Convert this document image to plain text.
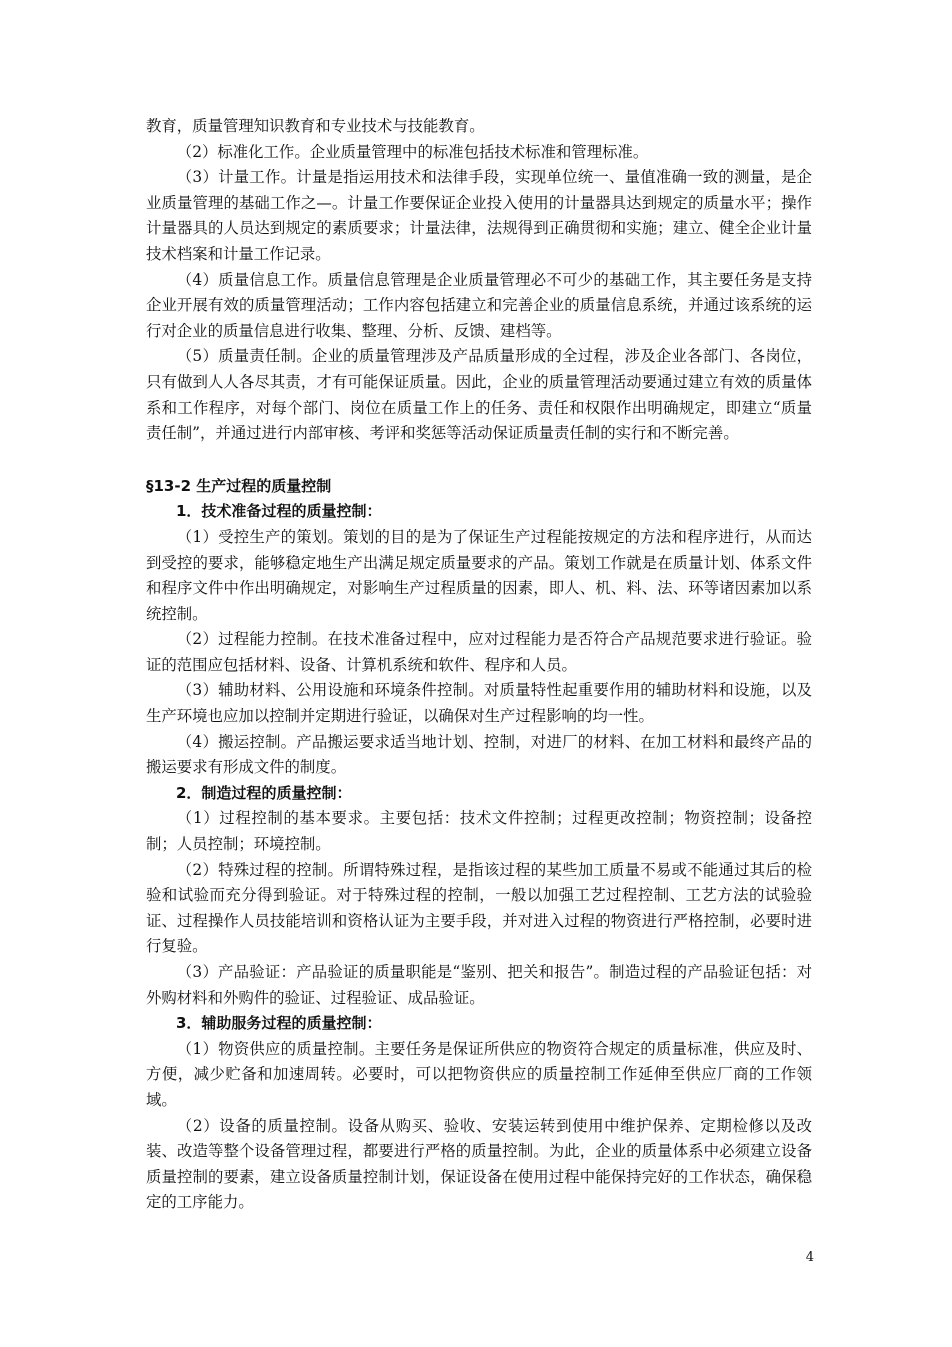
教育，质量管理知识教育和专业技术与技能教育。

（2）标准化工作。企业质量管理中的标准包括技术标准和管理标准。

（3）计量工作。计量是指运用技术和法律手段，实现单位统一、量值准确一致的测量，是企业质量管理的基础工作之—。计量工作要保证企业投入使用的计量器具达到规定的质量水平；操作计量器具的人员达到规定的素质要求；计量法律，法规得到正确贯彻和实施；建立、健全企业计量技术档案和计量工作记录。

（4）质量信息工作。质量信息管理是企业质量管理必不可少的基础工作，其主要任务是支持企业开展有效的质量管理活动；工作内容包括建立和完善企业的质量信息系统，并通过该系统的运行对企业的质量信息进行收集、整理、分析、反馈、建档等。

（5）质量责任制。企业的质量管理涉及产品质量形成的全过程，涉及企业各部门、各岗位，只有做到人人各尽其责，才有可能保证质量。因此，企业的质量管理活动要通过建立有效的质量体系和工作程序，对每个部门、岗位在质量工作上的任务、责任和权限作出明确规定，即建立“质量责任制”，并通过进行内部审核、考评和奖惩等活动保证质量责任制的实行和不断完善。

§13-2 生产过程的质量控制

1．技术准备过程的质量控制：

（1）受控生产的策划。策划的目的是为了保证生产过程能按规定的方法和程序进行，从而达到受控的要求，能够稳定地生产出满足规定质量要求的产品。策划工作就是在质量计划、体系文件和程序文件中作出明确规定，对影响生产过程质量的因素，即人、机、料、法、环等诸因素加以系统控制。

（2）过程能力控制。在技术准备过程中，应对过程能力是否符合产品规范要求进行验证。验证的范围应包括材料、设备、计算机系统和软件、程序和人员。

（3）辅助材料、公用设施和环境条件控制。对质量特性起重要作用的辅助材料和设施，以及生产环境也应加以控制并定期进行验证，以确保对生产过程影响的均一性。

（4）搬运控制。产品搬运要求适当地计划、控制，对进厂的材料、在加工材料和最终产品的搬运要求有形成文件的制度。

2．制造过程的质量控制：

（1）过程控制的基本要求。主要包括：技术文件控制；过程更改控制；物资控制；设备控制；人员控制；环境控制。

（2）特殊过程的控制。所谓特殊过程，是指该过程的某些加工质量不易或不能通过其后的检验和试验而充分得到验证。对于特殊过程的控制，一般以加强工艺过程控制、工艺方法的试验验证、过程操作人员技能培训和资格认证为主要手段，并对进入过程的物资进行严格控制，必要时进行复验。

（3）产品验证：产品验证的质量职能是“鉴别、把关和报告”。制造过程的产品验证包括：对外购材料和外购件的验证、过程验证、成品验证。

3．辅助服务过程的质量控制：

（1）物资供应的质量控制。主要任务是保证所供应的物资符合规定的质量标准，供应及时、方便，减少贮备和加速周转。必要时，可以把物资供应的质量控制工作延伸至供应厂商的工作领域。

（2）设备的质量控制。设备从购买、验收、安装运转到使用中维护保养、定期检修以及改装、改造等整个设备管理过程，都要进行严格的质量控制。为此，企业的质量体系中必须建立设备质量控制的要素，建立设备质量控制计划，保证设备在使用过程中能保持完好的工作状态，确保稳定的工序能力。

4
